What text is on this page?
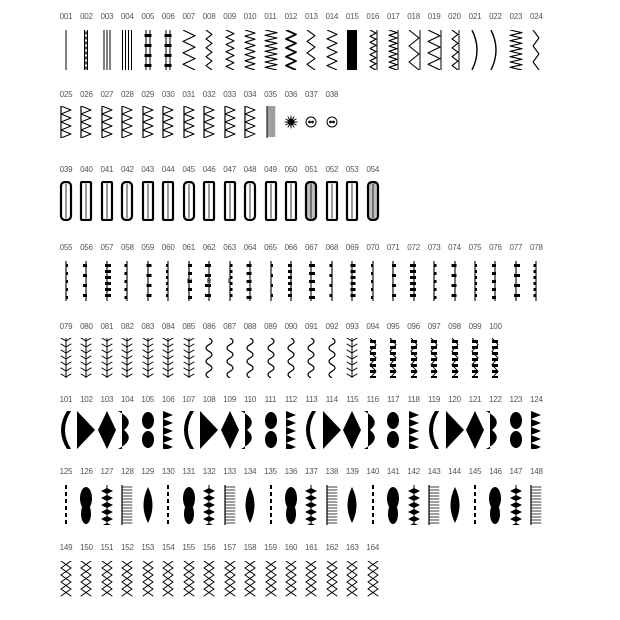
001 002 003 004 005 006 007 008 009 010	011 012 013 014 015 016 017 018 019 020 021 022 023 024
025 026 027 028 029 030 031 032 033 034 035 036 037 038
039 040 041 042 043 044 045 046 047 048 049 050 051 052 053 054
055 056 057 058 059 060 061
M
062
R
063
L
064 065 066 067 068 069 070 071 072 073 074 075 076 077 078
079 080 081 082 083 084 085 086 087 088 089 090 091 092 093 094 095 096 097 098 099 100
101 102 103 104 105 106 107 108 109	110	111	112	113	114	115	116	117	118	119	120 121 122 123 124
125 126 127 128 129 130 131 132 133 134 135 136 137 138 139 140 141 142 143 144 145 146 147 148
149 150 151 152 153 154 155 156 157 158 159 160 161 162 163 164
